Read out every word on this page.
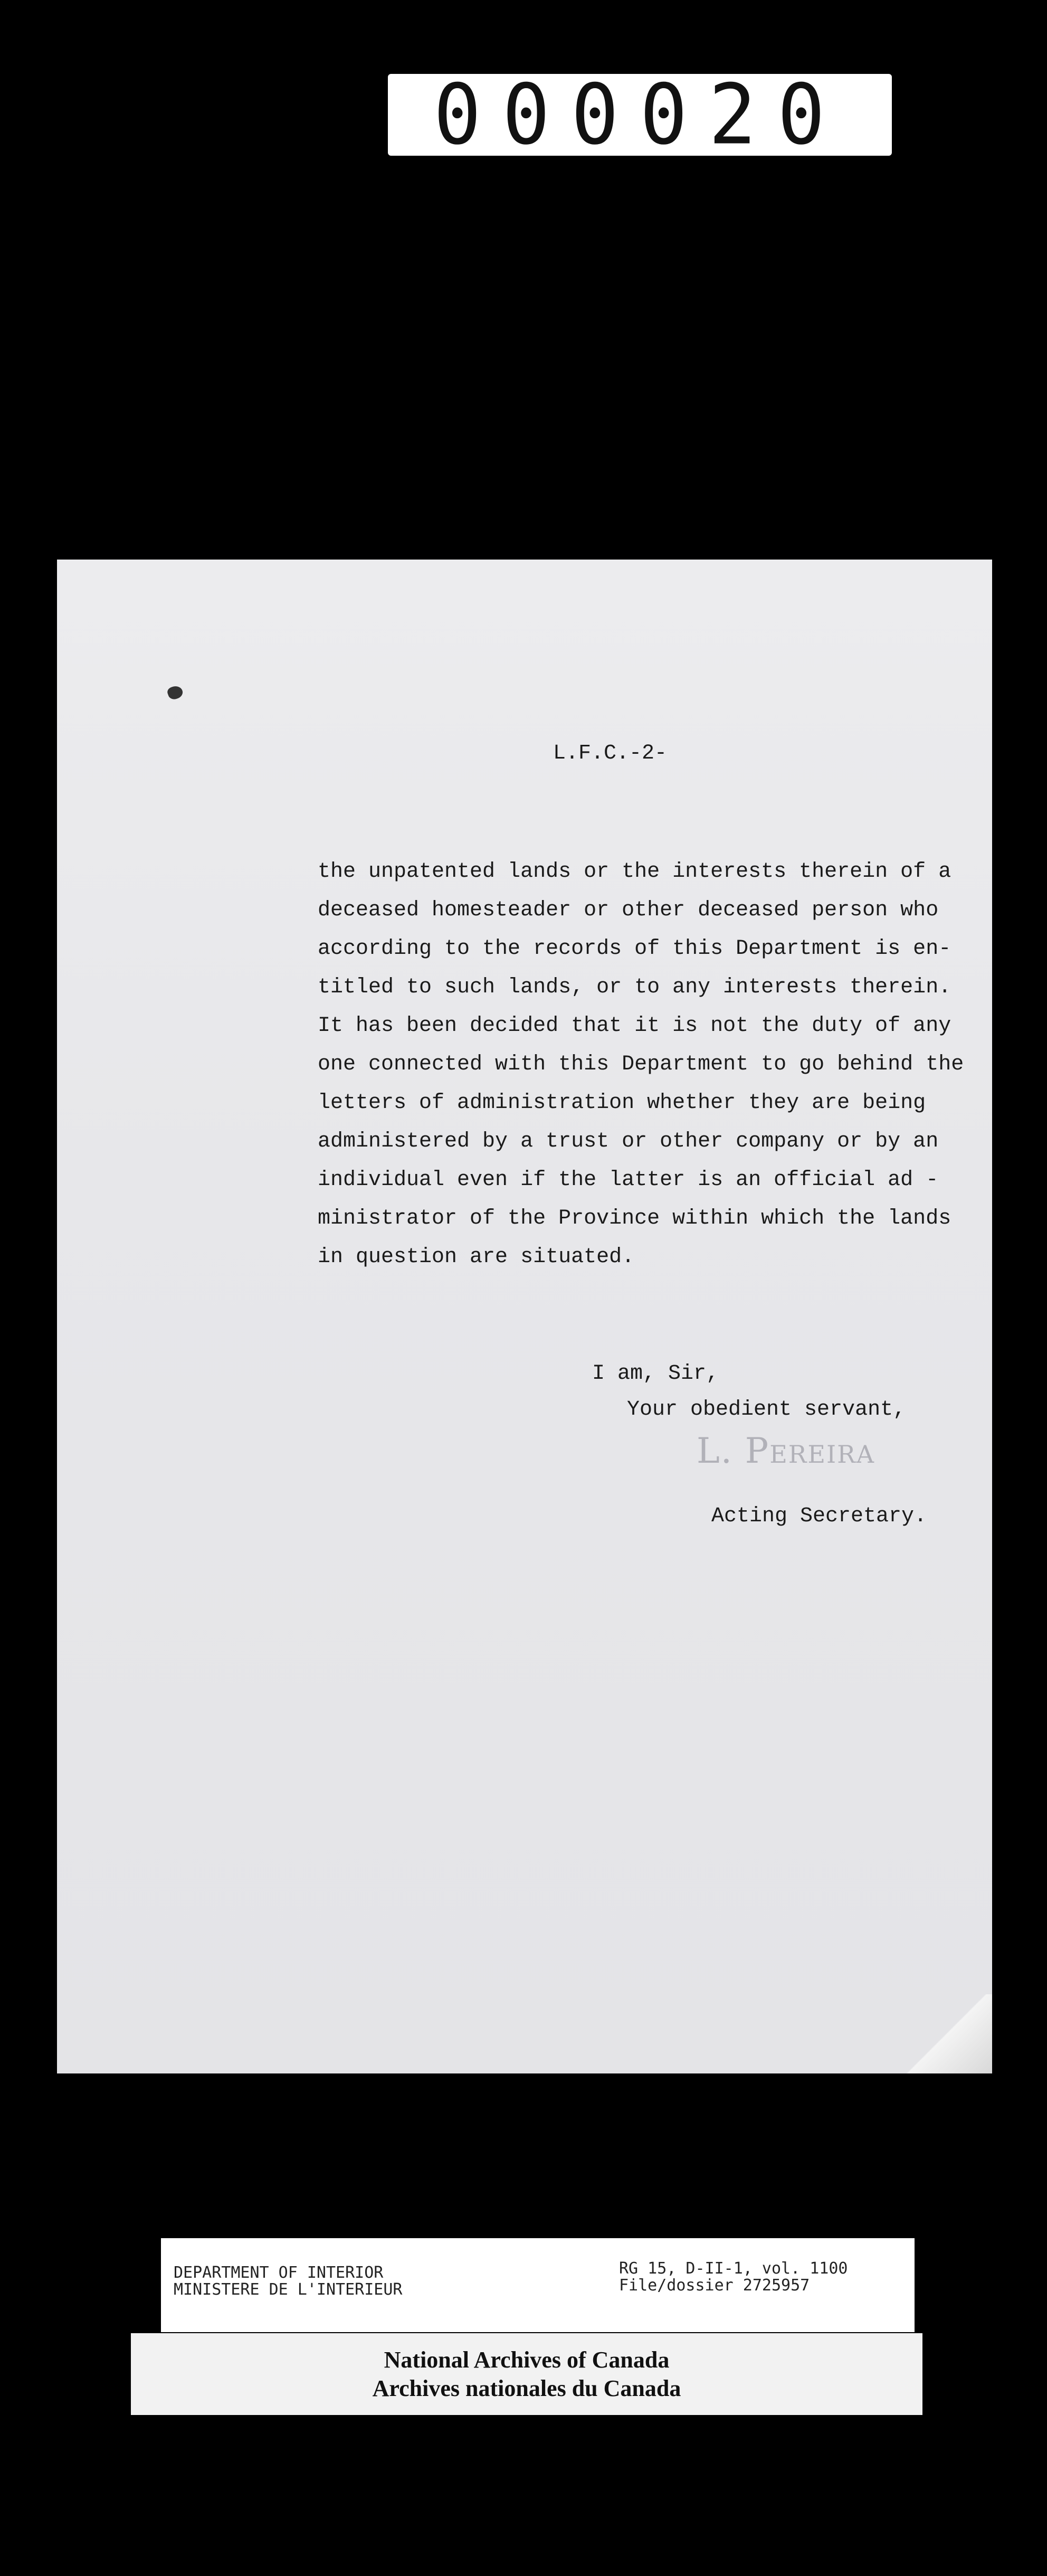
000020
L.F.C.-2-
the unpatented lands or the interests therein of a
deceased homesteader or other deceased person who
according to the records of this Department is en-
titled to such lands, or to any interests therein.
It has been decided that it is not the duty of any
one connected with this Department to go behind the
letters of administration whether they are being
administered by a trust or other company or by an
individual even if the latter is an official ad -
ministrator of the Province within which the lands
in question are situated.
I am, Sir,
Your obedient servant,
L. Pereira
Acting Secretary.
DEPARTMENT OF INTERIOR
MINISTERE DE L'INTERIEUR
RG 15, D-II-1, vol. 1100
File/dossier 2725957
National Archives of Canada
Archives nationales du Canada
